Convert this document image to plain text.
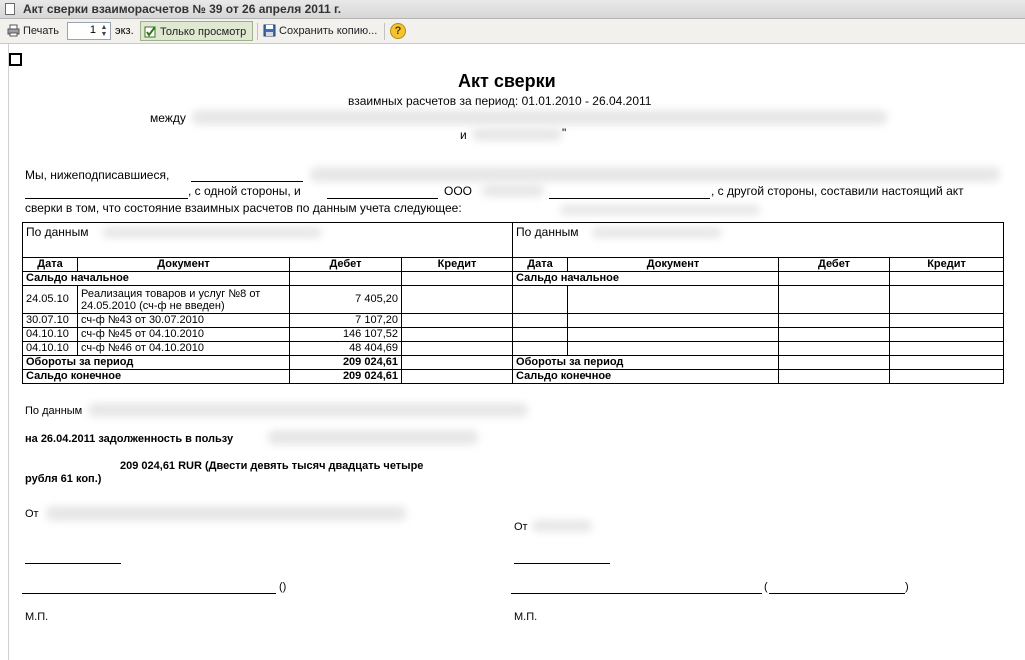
Акт сверки взаиморасчетов № 39 от 26 апреля 2011 г.
Печать	1 ▲
▼ экз.	Только просмотр	Сохранить копию...	?
Акт сверки
взаимных расчетов за период: 01.01.2010 - 26.04.2011
между
и	"
Мы, нижеподписавшиеся,
, с одной стороны, и	ООО	, с другой стороны, составили настоящий акт
сверки в том, что состояние взаимных расчетов по данным учета следующее:
По данным				По данным			
Дата	Документ	Дебет	Кредит	Дата	Документ	Дебет	Кредит
Сальдо начальное				Сальдо начальное			
24.05.10	Реализация товаров и услуг №8 от 24.05.2010 (сч-ф не введен)	7 405,20					
30.07.10	сч-ф №43 от 30.07.2010	7 107,20					
04.10.10	сч-ф №45 от 04.10.2010	146 107,52					
04.10.10	сч-ф №46 от 04.10.2010	48 404,69					
Обороты за период		209 024,61		Обороты за период			
Сальдо конечное		209 024,61		Сальдо конечное			
По данным
на 26.04.2011 задолженность в пользу
209 024,61 RUR (Двести девять тысяч двадцать четыре
рубля 61 коп.)
От
От
()	(	)
М.П.	М.П.
